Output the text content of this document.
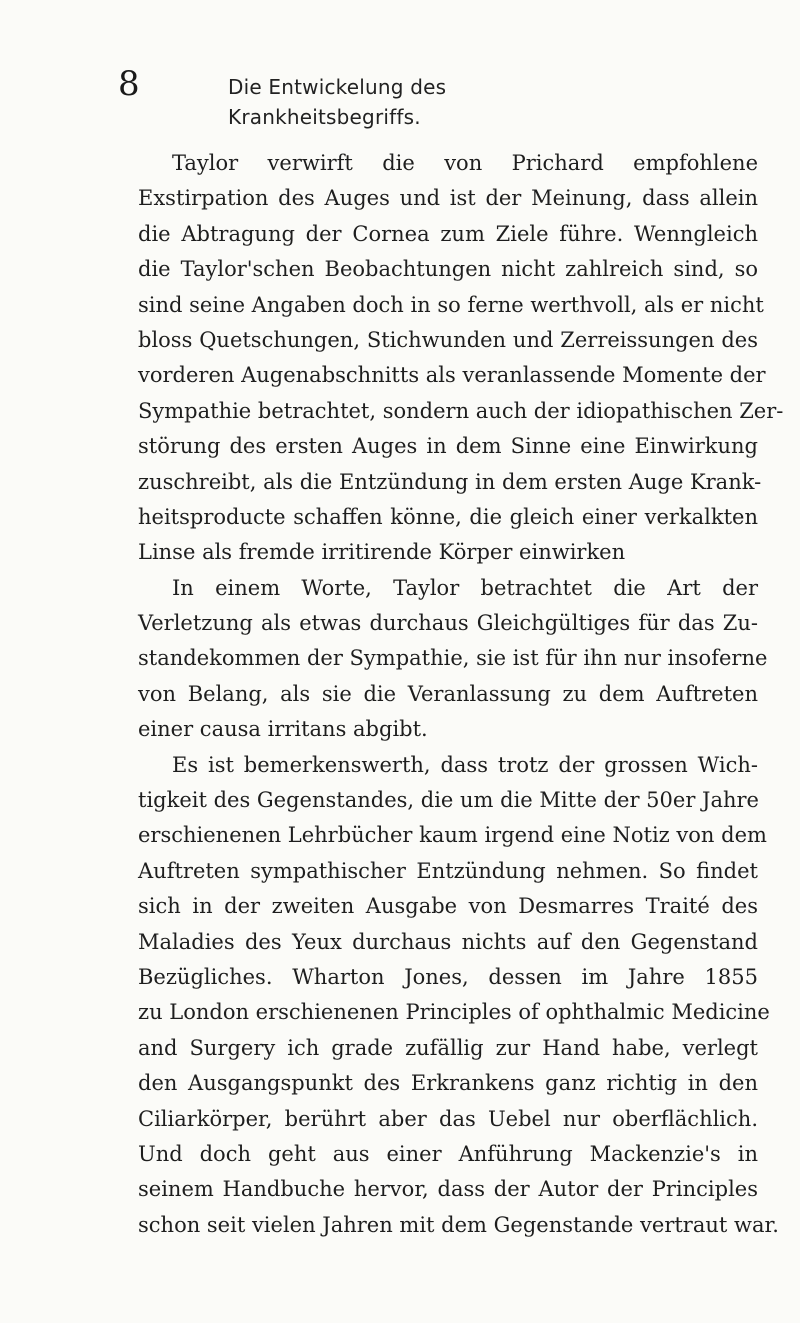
8	Die Entwickelung des Krankheitsbegriffs.
Taylor verwirft die von Prichard empfohlene
Exstirpation des Auges und ist der Meinung, dass allein
die Abtragung der Cornea zum Ziele führe. Wenngleich
die Taylor'schen Beobachtungen nicht zahlreich sind, so
sind seine Angaben doch in so ferne werthvoll, als er nicht
bloss Quetschungen, Stichwunden und Zerreissungen des
vorderen Augenabschnitts als veranlassende Momente der
Sympathie betrachtet, sondern auch der idiopathischen Zer-
störung des ersten Auges in dem Sinne eine Einwirkung
zuschreibt, als die Entzündung in dem ersten Auge Krank-
heitsproducte schaffen könne, die gleich einer verkalkten
Linse als fremde irritirende Körper einwirken
In einem Worte, Taylor betrachtet die Art der
Verletzung als etwas durchaus Gleichgültiges für das Zu-
standekommen der Sympathie, sie ist für ihn nur insoferne
von Belang, als sie die Veranlassung zu dem Auftreten
einer causa irritans abgibt.
Es ist bemerkenswerth, dass trotz der grossen Wich-
tigkeit des Gegenstandes, die um die Mitte der 50er Jahre
erschienenen Lehrbücher kaum irgend eine Notiz von dem
Auftreten sympathischer Entzündung nehmen. So findet
sich in der zweiten Ausgabe von Desmarres Traité des
Maladies des Yeux durchaus nichts auf den Gegenstand
Bezügliches. Wharton Jones, dessen im Jahre 1855
zu London erschienenen Principles of ophthalmic Medicine
and Surgery ich grade zufällig zur Hand habe, verlegt
den Ausgangspunkt des Erkrankens ganz richtig in den
Ciliarkörper, berührt aber das Uebel nur oberflächlich.
Und doch geht aus einer Anführung Mackenzie's in
seinem Handbuche hervor, dass der Autor der Principles
schon seit vielen Jahren mit dem Gegenstande vertraut war.
